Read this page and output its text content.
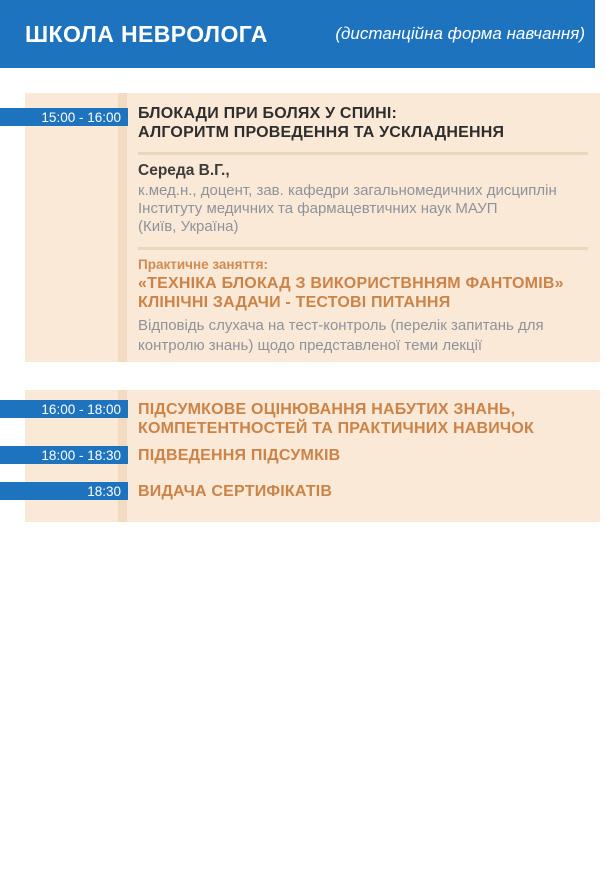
ШКОЛА НЕВРОЛОГА	(дистанційна форма навчання)
15:00 - 16:00	БЛОКАДИ ПРИ БОЛЯХ У СПИНІ:
АЛГОРИТМ ПРОВЕДЕННЯ ТА УСКЛАДНЕННЯ
Середа В.Г.,
к.мед.н., доцент, зав. кафедри загальномедичних дисциплін
Інституту медичних та фармацевтичних наук МАУП
(Київ, Україна)
Практичне заняття:
«ТЕХНІКА БЛОКАД З ВИКОРИСТВННЯМ ФАНТОМІВ»
КЛІНІЧНІ ЗАДАЧИ - ТЕСТОВІ ПИТАННЯ
Відповідь слухача на тест-контроль (перелік запитань для
контролю знань) щодо представленої теми лекції
16:00 - 18:00	ПІДСУМКОВЕ ОЦІНЮВАННЯ НАБУТИХ ЗНАНЬ,
КОМПЕТЕНТНОСТЕЙ ТА ПРАКТИЧНИХ НАВИЧОК
18:00 - 18:30	ПІДВЕДЕННЯ ПІДСУМКІВ
18:30	ВИДАЧА СЕРТИФІКАТІВ
